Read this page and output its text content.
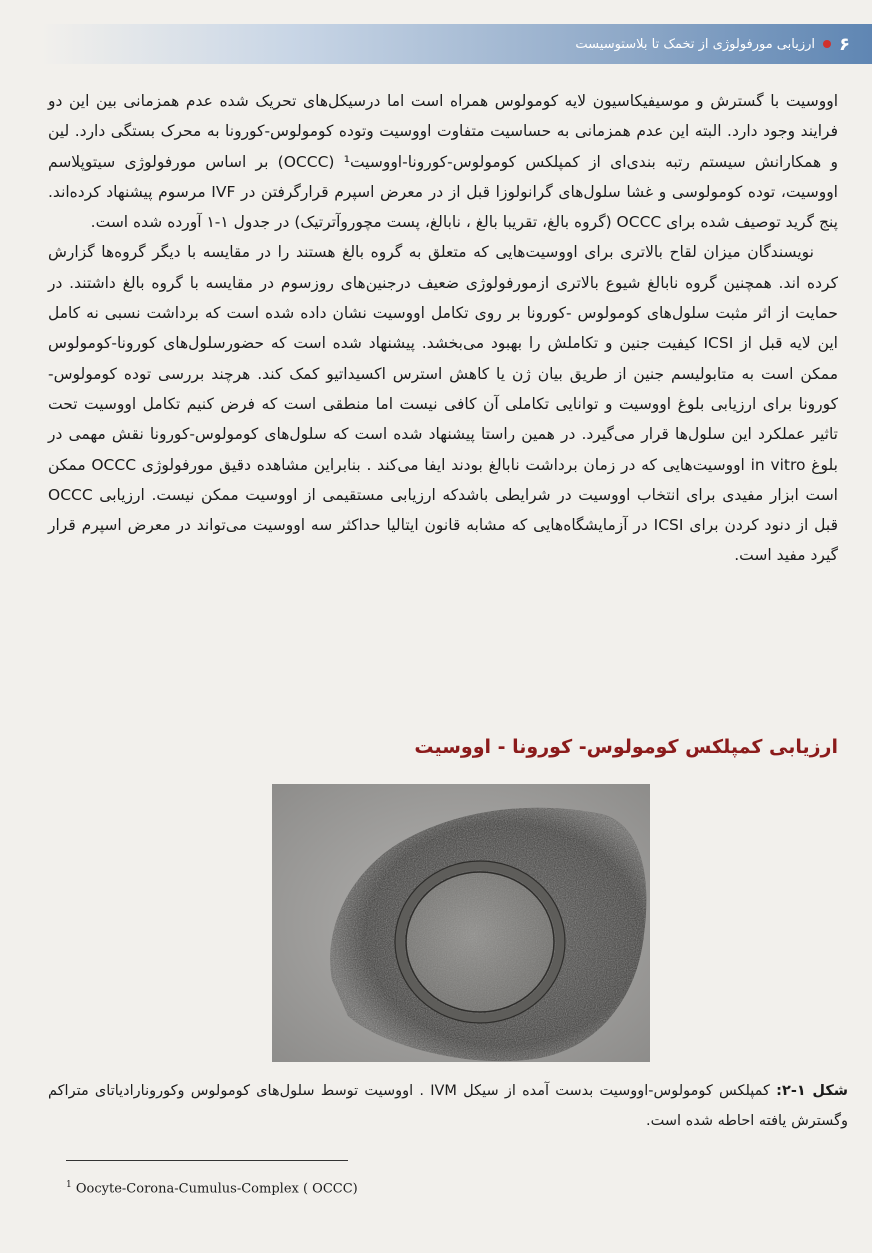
۶
ارزیابی مورفولوژی از تخمک تا بلاستوسیست

اووسیت با گسترش و موسیفیکاسیون لایه کومولوس همراه است اما درسیکل‌های تحریک شده عدم همزمانی بین این دو فرایند وجود دارد. البته این عدم همزمانی به حساسیت متفاوت اووسیت وتوده کومولوس-کورونا به محرک بستگی دارد. لین و همکارانش سیستم رتبه بندی‌ای از کمپلکس کومولوس-کورونا-اووسیت¹ (OCCC) بر اساس مورفولوژی سیتوپلاسم اووسیت، توده کومولوسی و غشا سلول‌های گرانولوزا قبل از در معرض اسپرم قرارگرفتن در IVF مرسوم پیشنهاد کرده‌اند. پنج گرید توصیف شده برای OCCC (گروه بالغ، تقریبا بالغ ، نابالغ، پست مچوروآترتیک) در جدول ۱-۱ آورده شده است.

نویسندگان میزان لقاح بالاتری برای اووسیت‌هایی که متعلق به گروه بالغ هستند را در مقایسه با دیگر گروه‌ها گزارش کرده اند. همچنین گروه نابالغ شیوع بالاتری ازمورفولوژی ضعیف درجنین‌های روزسوم در مقایسه با گروه بالغ داشتند. در حمایت از اثر مثبت سلول‌های کومولوس -کورونا بر روی تکامل اووسیت نشان داده شده است که برداشت نسبی نه کامل این لایه قبل از ICSI کیفیت جنین و تکاملش را بهبود می‌بخشد. پیشنهاد شده است که حضورسلول‌های کورونا-کومولوس ممکن است به متابولیسم جنین از طریق بیان ژن یا کاهش استرس اکسیداتیو کمک کند. هرچند بررسی توده کومولوس-کورونا برای ارزیابی بلوغ اووسیت و توانایی تکاملی آن کافی نیست اما منطقی است که فرض کنیم تکامل اووسیت تحت تاثیر عملکرد این سلول‌ها قرار می‌گیرد. در همین راستا پیشنهاد شده است که سلول‌های کومولوس-کورونا نقش مهمی در بلوغ in vitro اووسیت‌هایی که در زمان برداشت نابالغ بودند ایفا می‌کند . بنابراین مشاهده دقیق مورفولوژی OCCC ممکن است ابزار مفیدی برای انتخاب اووسیت در شرایطی باشدکه ارزیابی مستقیمی از اووسیت ممکن نیست. ارزیابی OCCC قبل از دنود کردن برای ICSI در آزمایشگاه‌هایی که مشابه قانون ایتالیا حداکثر سه اووسیت می‌تواند در معرض اسپرم قرار گیرد مفید است.

ارزیابی کمپلکس کومولوس- کورونا - اووسیت
شکل ۱-۲: کمپلکس کومولوس-اووسیت بدست آمده از سیکل IVM . اووسیت توسط سلول‌های کومولوس وکورونارادیاتای متراکم وگسترش یافته احاطه شده است.
$^1$ Oocyte-Corona-Cumulus-Complex ( OCCC)
